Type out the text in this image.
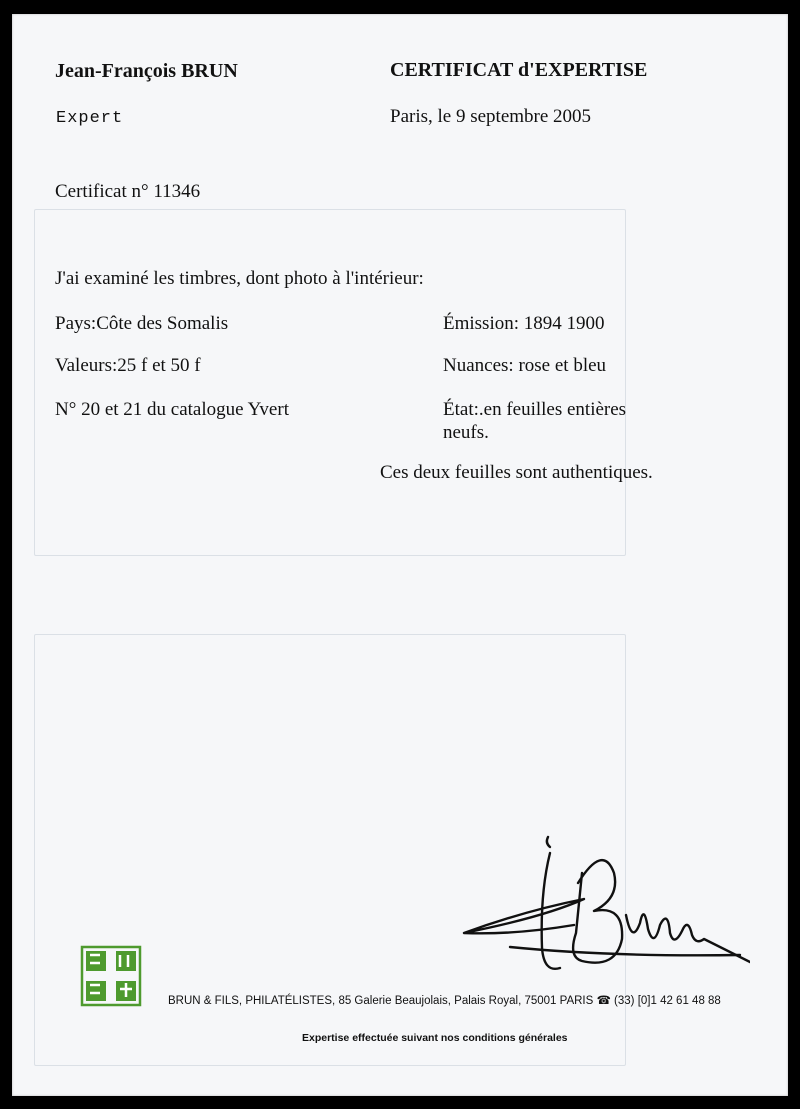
Jean-François BRUN
Expert
CERTIFICAT d'EXPERTISE
Paris, le 9 septembre 2005
Certificat n° 11346
J'ai examiné les timbres, dont photo à l'intérieur:
Pays:Côte des Somalis
Valeurs:25 f et 50 f
N° 20 et 21 du catalogue Yvert
Émission: 1894 1900
Nuances: rose et bleu
État:.en feuilles entières
neufs.
Ces deux feuilles sont authentiques.
BRUN & FILS, PHILATÉLISTES, 85 Galerie Beaujolais, Palais Royal, 75001 PARIS ☎ (33) [0]1 42 61 48 88
Expertise effectuée suivant nos conditions générales
